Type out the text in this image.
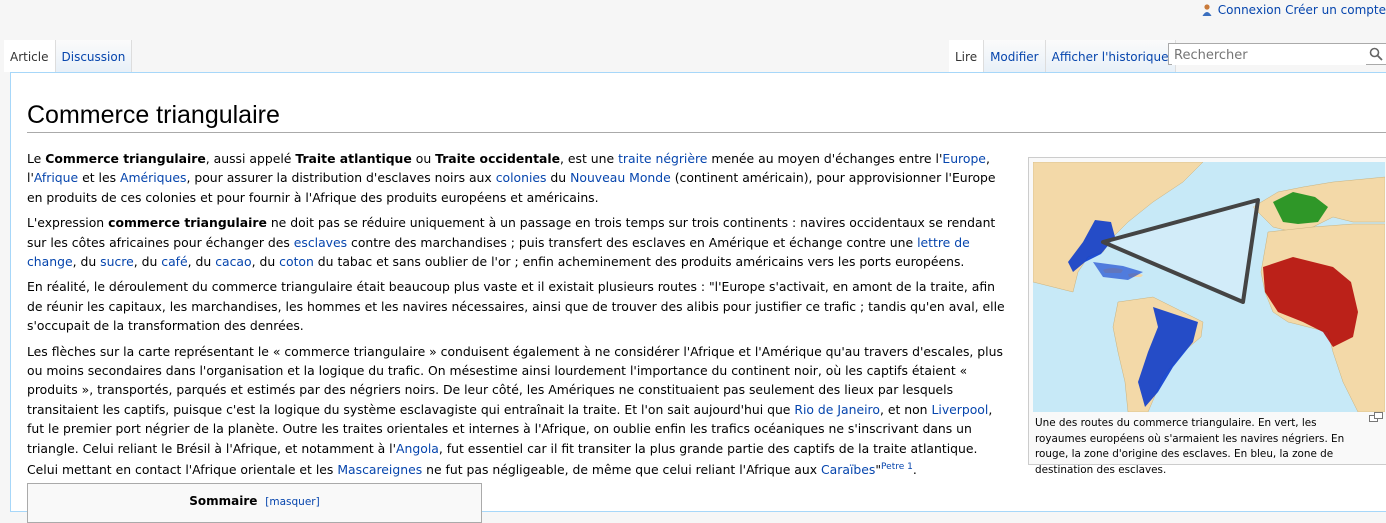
Connexion Créer un compte
Article	Discussion	Lire	Modifier	Afficher l'historique
Rechercher
Commerce triangulaire

Le Commerce triangulaire, aussi appelé Traite atlantique ou Traite occidentale, est une traite négrière menée au moyen d'échanges entre l'Europe, l'Afrique et les Amériques, pour assurer la distribution d'esclaves noirs aux colonies du Nouveau Monde (continent américain), pour approvisionner l'Europe en produits de ces colonies et pour fournir à l'Afrique des produits européens et américains.

L'expression commerce triangulaire ne doit pas se réduire uniquement à un passage en trois temps sur trois continents : navires occidentaux se rendant sur les côtes africaines pour échanger des esclaves contre des marchandises ; puis transfert des esclaves en Amérique et échange contre une lettre de change, du sucre, du café, du cacao, du coton du tabac et sans oublier de l'or ; enfin acheminement des produits américains vers les ports européens.

En réalité, le déroulement du commerce triangulaire était beaucoup plus vaste et il existait plusieurs routes : "l'Europe s'activait, en amont de la traite, afin de réunir les capitaux, les marchandises, les hommes et les navires nécessaires, ainsi que de trouver des alibis pour justifier ce trafic ; tandis qu'en aval, elle s'occupait de la transformation des denrées.

Les flèches sur la carte représentant le « commerce triangulaire » conduisent également à ne considérer l'Afrique et l'Amérique qu'au travers d'escales, plus ou moins secondaires dans l'organisation et la logique du trafic. On mésestime ainsi lourdement l'importance du continent noir, où les captifs étaient « produits », transportés, parqués et estimés par des négriers noirs. De leur côté, les Amériques ne constituaient pas seulement des lieux par lesquels transitaient les captifs, puisque c'est la logique du système esclavagiste qui entraînait la traite. Et l'on sait aujourd'hui que Rio de Janeiro, et non Liverpool, fut le premier port négrier de la planète. Outre les traites orientales et internes à l'Afrique, on oublie enfin les trafics océaniques ne s'inscrivant dans un triangle. Celui reliant le Brésil à l'Afrique, et notamment à l'Angola, fut essentiel car il fit transiter la plus grande partie des captifs de la traite atlantique. Celui mettant en contact l'Afrique orientale et les Mascareignes ne fut pas négligeable, de même que celui reliant l'Afrique aux Caraïbes"$^{Petre 1}$.

Une des routes du commerce triangulaire. En vert, les royaumes européens où s'armaient les navires négriers. En rouge, la zone d'origine des esclaves. En bleu, la zone de destination des esclaves.
Sommaire [masquer]
